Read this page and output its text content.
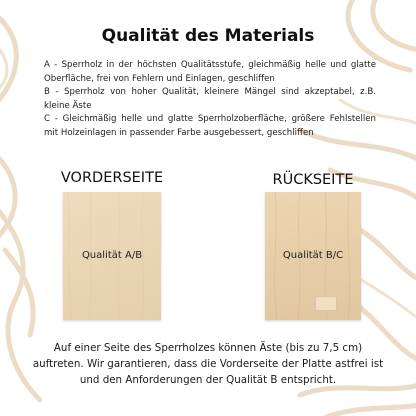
Qualität des Materials

A - Sperrholz in der höchsten Qualitätsstufe, gleichmäßig helle und glatte Oberfläche, frei von Fehlern und Einlagen, geschliffen

B - Sperrholz von hoher Qualität, kleinere Mängel sind akzeptabel, z.B. kleine Äste

C - Gleichmäßig helle und glatte Sperrholzoberfläche, größere Fehlstellen mit Holzeinlagen in passender Farbe ausgebessert, geschliffen

VORDERSEITE	RÜCKSEITE
Qualität A/B	Qualität B/C
Auf einer Seite des Sperrholzes können Äste (bis zu 7,5 cm) auftreten. Wir garantieren, dass die Vorderseite der Platte astfrei ist und den Anforderungen der Qualität B entspricht.
